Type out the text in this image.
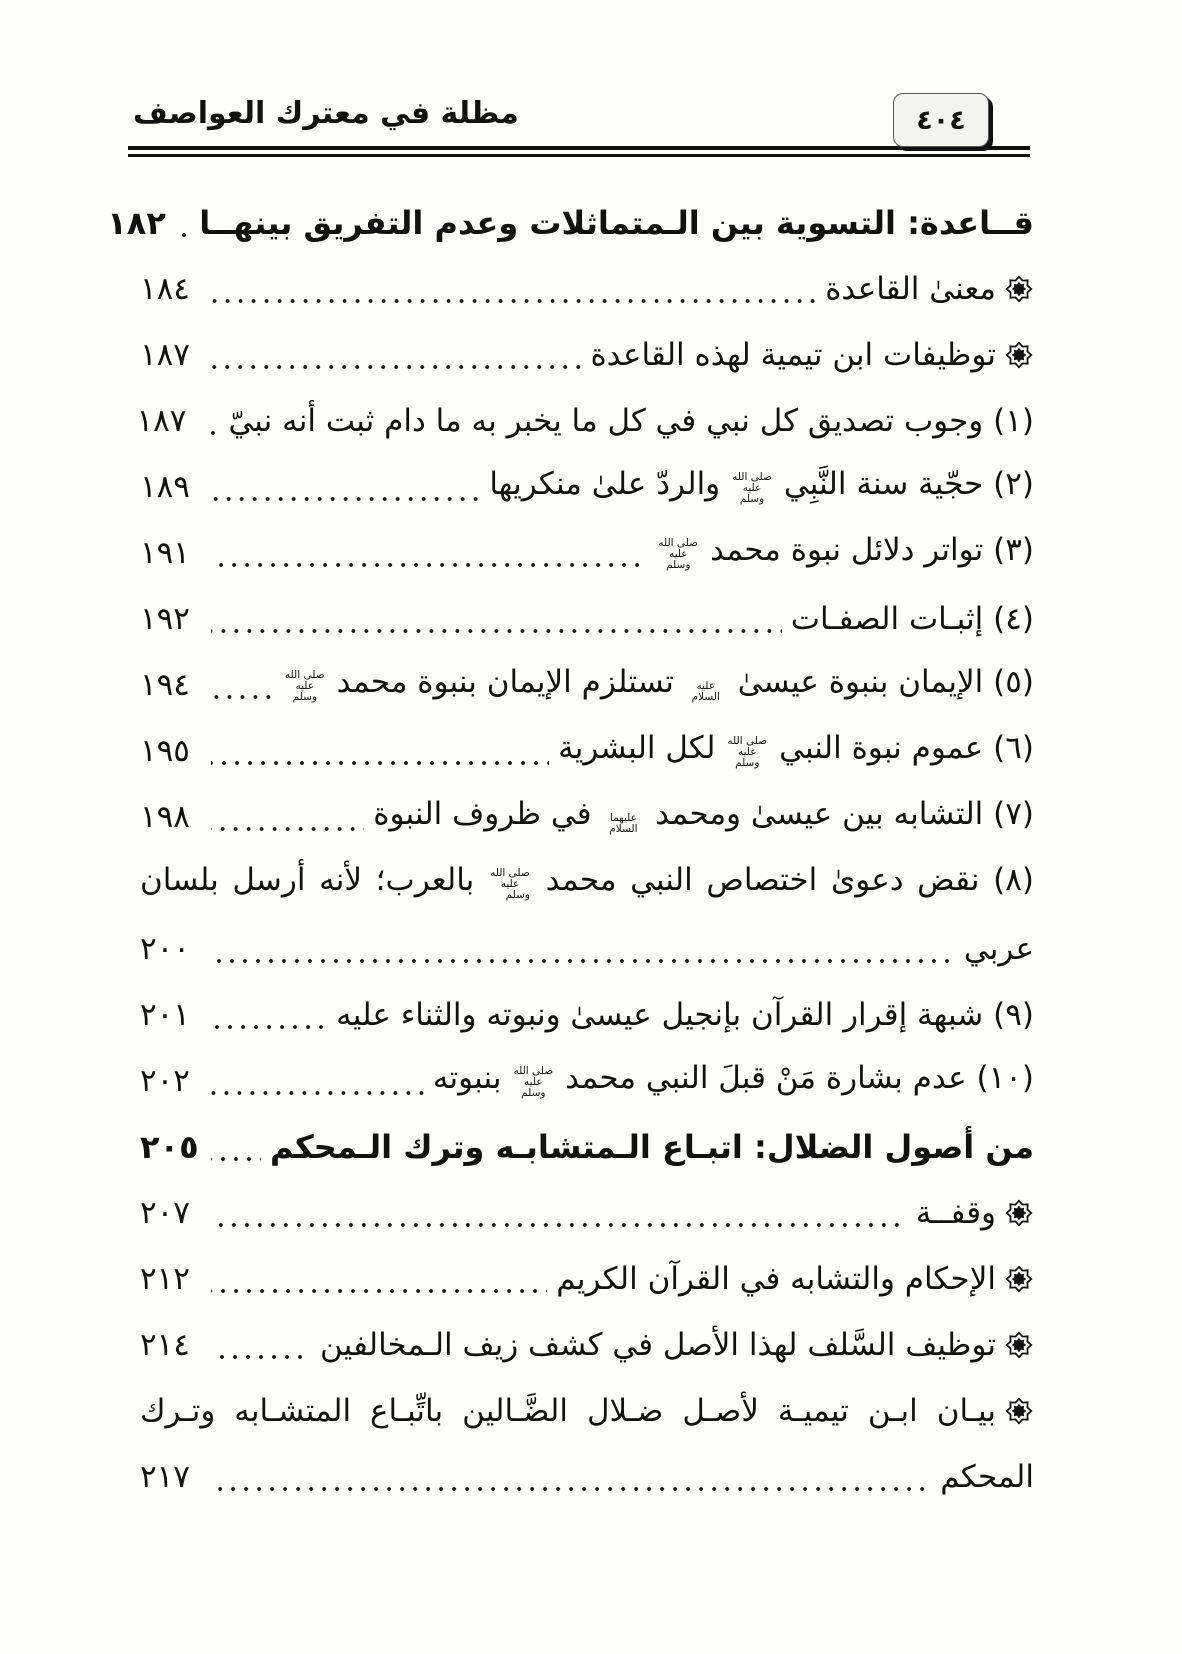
مظلة في معترك العواصف	٤٠٤
قــاعدة: التسوية بين الـمتماثلات وعدم التفريق بينهــا
١٨٢
معنىٰ القاعدة
١٨٤
توظيفات ابن تيمية لهذه القاعدة
١٨٧
(١) وجوب تصديق كل نبي في كل ما يخبر به ما دام ثبت أنه نبيّ
١٨٧
(٢) حجّية سنة النَّبِي صلى الله عليه وسلم والردّ علىٰ منكريها
١٨٩
(٣) تواتر دلائل نبوة محمد صلى الله عليه وسلم
١٩١
(٤) إثبـات الصفـات
١٩٢
(٥) الإيمان بنبوة عيسىٰ عليه السلام تستلزم الإيمان بنبوة محمد صلى الله عليه وسلم
١٩٤
(٦) عموم نبوة النبي صلى الله عليه وسلم لكل البشرية
١٩٥
(٧) التشابه بين عيسىٰ ومحمد عليهما السلام في ظروف النبوة
١٩٨
(٨) نقض دعوىٰ اختصاص النبي محمد صلى الله عليه وسلم بالعرب؛ لأنه أرسل بلسان
عربي
٢٠٠
(٩) شبهة إقرار القرآن بإنجيل عيسىٰ ونبوته والثناء عليه
٢٠١
(١٠) عدم بشارة مَنْ قبلَ النبي محمد صلى الله عليه وسلم بنبوته
٢٠٢
من أصول الضلال: اتبـاع الـمتشابـه وترك الـمحكم
٢٠٥
وقفــة
٢٠٧
الإحكام والتشابه في القرآن الكريم
٢١٢
توظيف السَّلف لهذا الأصل في كشف زيف الـمخالفين
٢١٤
بيـان ابـن تيميـة لأصـل ضـلال الضَّـالين باتِّبـاع المتشـابه وتـرك
المحكم
٢١٧
